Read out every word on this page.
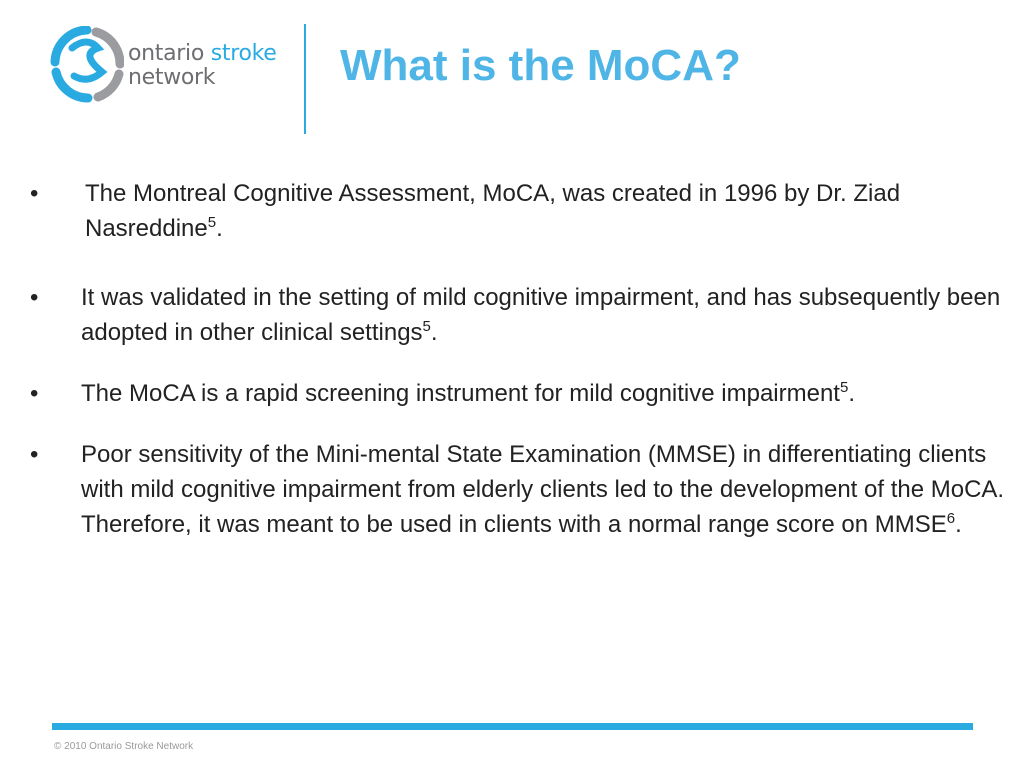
ontario stroke
network	What is the MoCA?
•	The Montreal Cognitive Assessment, MoCA, was created in 1996 by Dr. Ziad Nasreddine$^5$.
•	It was validated in the setting of mild cognitive impairment, and has subsequently been adopted in other clinical settings$^5$.
•	The MoCA is a rapid screening instrument for mild cognitive impairment$^5$.
•	Poor sensitivity of the Mini-mental State Examination (MMSE) in differentiating clients with mild cognitive impairment from elderly clients led to the development of the MoCA. Therefore, it was meant to be used in clients with a normal range score on MMSE$^6$.
© 2010 Ontario Stroke Network
